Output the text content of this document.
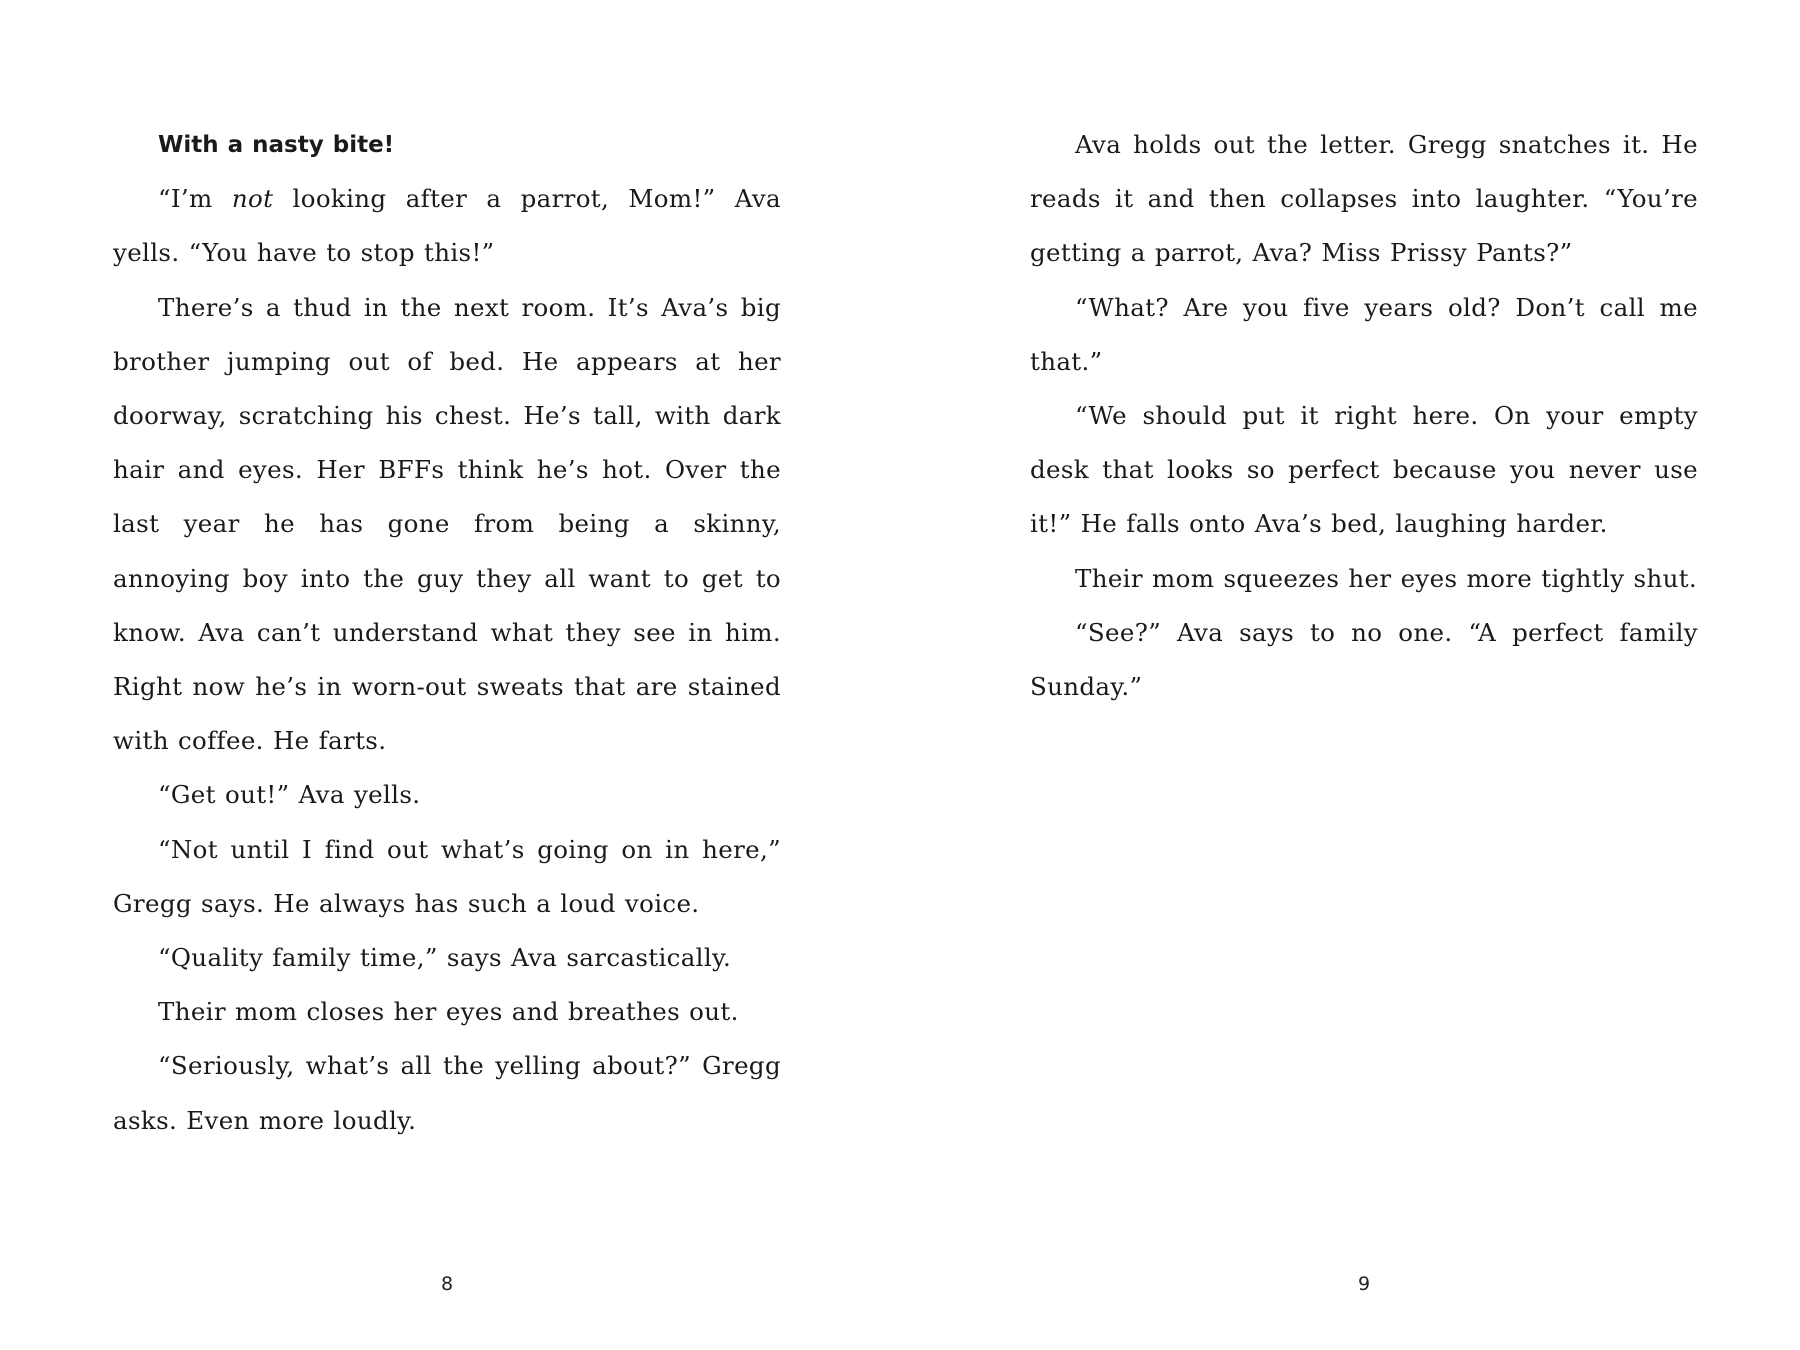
With a nasty bite!

“I’m not looking after a parrot, Mom!” Ava yells. “You have to stop this!”

There’s a thud in the next room. It’s Ava’s big brother jumping out of bed. He appears at her doorway, scratching his chest. He’s tall, with dark hair and eyes. Her BFFs think he’s hot. Over the last year he has gone from being a skinny, annoying boy into the guy they all want to get to know. Ava can’t understand what they see in him. Right now he’s in worn-out sweats that are stained with coffee. He farts.

“Get out!” Ava yells.

“Not until I find out what’s going on in here,” Gregg says. He always has such a loud voice.

“Quality family time,” says Ava sarcastically.

Their mom closes her eyes and breathes out.

“Seriously, what’s all the yelling about?” Gregg asks. Even more loudly.

8

Ava holds out the letter. Gregg snatches it. He reads it and then collapses into laughter. “You’re getting a parrot, Ava? Miss Prissy Pants?”

“What? Are you five years old? Don’t call me that.”

“We should put it right here. On your empty desk that looks so perfect because you never use it!” He falls onto Ava’s bed, laughing harder.

Their mom squeezes her eyes more tightly shut.

“See?” Ava says to no one. “A perfect family Sunday.”

9
